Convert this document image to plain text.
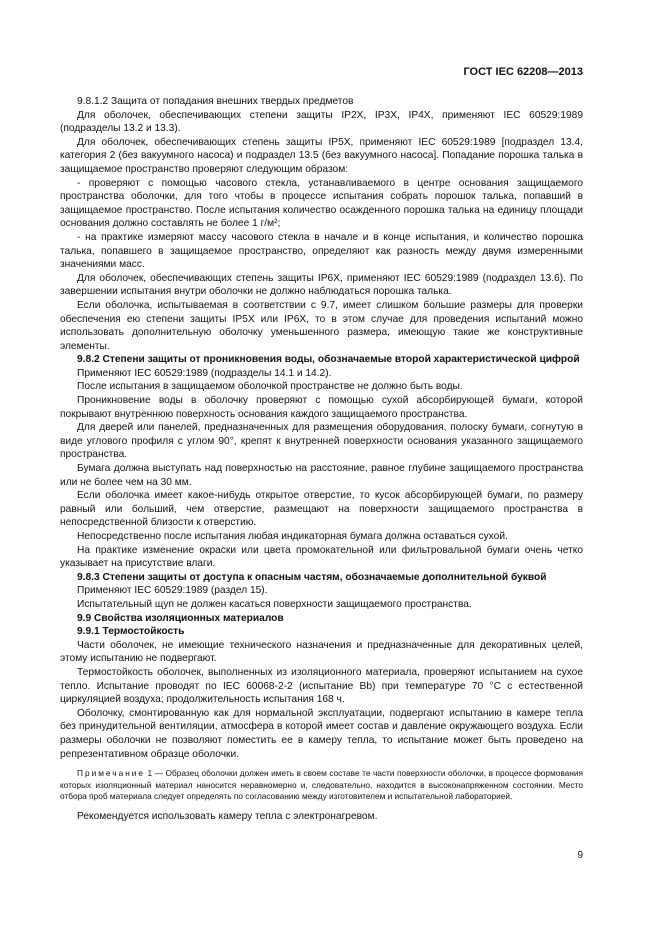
ГОСТ IEC 62208—2013

9.8.1.2 Защита от попадания внешних твердых предметов

Для оболочек, обеспечивающих степени защиты IP2X, IP3X, IP4X, применяют IEC 60529:1989 (подразделы 13.2 и 13.3).

Для оболочек, обеспечивающих степень защиты IP5X, применяют IEC 60529:1989 [подраздел 13.4, категория 2 (без вакуумного насоса) и подраздел 13.5 (без вакуумного насоса]. Попадание порошка талька в защищаемое пространство проверяют следующим образом:

- проверяют с помощью часового стекла, устанавливаемого в центре основания защищаемого пространства оболочки, для того чтобы в процессе испытания собрать порошок талька, попавший в защищаемое пространство. После испытания количество осажденного порошка талька на единицу площади основания должно составлять не более 1 г/м²;

- на практике измеряют массу часового стекла в начале и в конце испытания, и количество порошка талька, попавшего в защищаемое пространство, определяют как разность между двумя измеренными значениями масс.

Для оболочек, обеспечивающих степень защиты IP6X, применяют IEC 60529:1989 (подраздел 13.6). По завершении испытания внутри оболочки не должно наблюдаться порошка талька.

Если оболочка, испытываемая в соответствии с 9.7, имеет слишком большие размеры для проверки обеспечения ею степени защиты IP5X или IP6X, то в этом случае для проведения испытаний можно использовать дополнительную оболочку уменьшенного размера, имеющую такие же конструктивные элементы.

9.8.2 Степени защиты от проникновения воды, обозначаемые второй характеристической цифрой

Применяют IEC 60529:1989 (подразделы 14.1 и 14.2).

После испытания в защищаемом оболочкой пространстве не должно быть воды.

Проникновение воды в оболочку проверяют с помощью сухой абсорбирующей бумаги, которой покрывают внутреннюю поверхность основания каждого защищаемого пространства.

Для дверей или панелей, предназначенных для размещения оборудования, полоску бумаги, согнутую в виде углового профиля с углом 90°, крепят к внутренней поверхности основания указанного защищаемого пространства.

Бумага должна выступать над поверхностью на расстояние, равное глубине защищаемого пространства или не более чем на 30 мм.

Если оболочка имеет какое-нибудь открытое отверстие, то кусок абсорбирующей бумаги, по размеру равный или больший, чем отверстие, размещают на поверхности защищаемого пространства в непосредственной близости к отверстию.

Непосредственно после испытания любая индикаторная бумага должна оставаться сухой.

На практике изменение окраски или цвета промокательной или фильтровальной бумаги очень четко указывает на присутствие влаги.

9.8.3 Степени защиты от доступа к опасным частям, обозначаемые дополнительной буквой

Применяют IEC 60529:1989 (раздел 15).

Испытательный щуп не должен касаться поверхности защищаемого пространства.

9.9 Свойства изоляционных материалов

9.9.1 Термостойкость

Части оболочек, не имеющие технического назначения и предназначенные для декоративных целей, этому испытанию не подвергают.

Термостойкость оболочек, выполненных из изоляционного материала, проверяют испытанием на сухое тепло. Испытание проводят по IEC 60068-2-2 (испытание Bb) при температуре 70 °С с естественной циркуляцией воздуха; продолжительность испытания 168 ч.

Оболочку, смонтированную как для нормальной эксплуатации, подвергают испытанию в камере тепла без принудительной вентиляции, атмосфера в которой имеет состав и давление окружающего воздуха. Если размеры оболочки не позволяют поместить ее в камеру тепла, то испытание может быть проведено на репрезентативном образце оболочки.

Примечание 1 — Образец оболочки должен иметь в своем составе те части поверхности оболочки, в процессе формования которых изоляционный материал наносится неравномерно и, следовательно, находится в высоконапряженном состоянии. Место отбора проб материала следует определять по согласованию между изготовителем и испытательной лабораторией.

Рекомендуется использовать камеру тепла с электронагревом.

9
